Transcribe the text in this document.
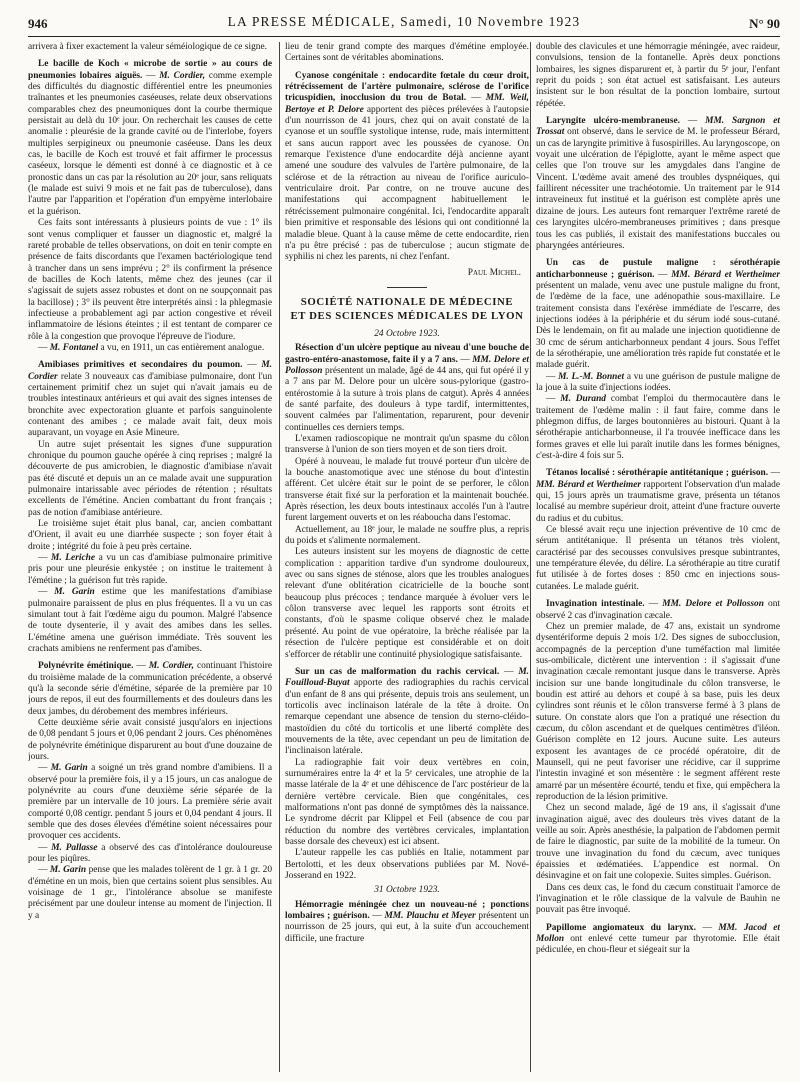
946	LA PRESSE MÉDICALE, Samedi, 10 Novembre 1923	N° 90

arrivera à fixer exactement la valeur séméiologique de ce signe.

Le bacille de Koch « microbe de sortie » au cours de pneumonies lobaires aiguës. — M. Cordier, comme exemple des difficultés du diagnostic différentiel entre les pneumonies traînantes et les pneumonies caséeuses, relate deux observations comparables chez des pneumoniques dont la courbe thermique persistait au delà du 10ᵉ jour. On recherchait les causes de cette anomalie : pleurésie de la grande cavité ou de l'interlobe, foyers multiples serpigineux ou pneumonie caséeuse. Dans les deux cas, le bacille de Koch est trouvé et fait affirmer le processus caséeux, lorsque le démenti est donné à ce diagnostic et à ce pronostic dans un cas par la résolution au 20ᵉ jour, sans reliquats (le malade est suivi 9 mois et ne fait pas de tuberculose), dans l'autre par l'apparition et l'opération d'un empyème interlobaire et la guérison.

Ces faits sont intéressants à plusieurs points de vue : 1° ils sont venus compliquer et fausser un diagnostic et, malgré la rareté probable de telles observations, on doit en tenir compte en présence de faits discordants que l'examen bactériologique tend à trancher dans un sens imprévu ; 2° ils confirment la présence de bacilles de Koch latents, même chez des jeunes (car il s'agissait de sujets assez robustes et dont on ne soupçonnait pas la bacillose) ; 3° ils peuvent être interprétés ainsi : la phlegmasie infectieuse a probablement agi par action congestive et réveil inflammatoire de lésions éteintes ; il est tentant de comparer ce rôle à la congestion que provoque l'épreuve de l'iodure.

— M. Fontanel a vu, en 1911, un cas entièrement analogue.

Amibiases primitives et secondaires du poumon. — M. Cordier relate 3 nouveaux cas d'amibiase pulmonaire, dont l'un certainement primitif chez un sujet qui n'avait jamais eu de troubles intestinaux antérieurs et qui avait des signes intenses de bronchite avec expectoration gluante et parfois sanguinolente contenant des amibes ; ce malade avait fait, deux mois auparavant, un voyage en Asie Mineure.

Un autre sujet présentait les signes d'une suppuration chronique du poumon gauche opérée à cinq reprises ; malgré la découverte de pus amicrobien, le diagnostic d'amibiase n'avait pas été discuté et depuis un an ce malade avait une suppuration pulmonaire intarissable avec périodes de rétention ; résultats excellents de l'émétine. Ancien combattant du front français ; pas de notion d'amibiase antérieure.

Le troisième sujet était plus banal, car, ancien combattant d'Orient, il avait eu une diarrhée suspecte ; son foyer était à droite ; intégrité du foie à peu près certaine.

— M. Leriche a vu un cas d'amibiase pulmonaire primitive pris pour une pleurésie enkystée ; on institue le traitement à l'émétine ; la guérison fut très rapide.

— M. Garin estime que les manifestations d'amibiase pulmonaire paraissent de plus en plus fréquentes. Il a vu un cas simulant tout à fait l'œdème aigu du poumon. Malgré l'absence de toute dysenterie, il y avait des amibes dans les selles. L'émétine amena une guérison immédiate. Très souvent les crachats amibiens ne renferment pas d'amibes.

Polynévrite émétinique. — M. Cordier, continuant l'histoire du troisième malade de la communication précédente, a observé qu'à la seconde série d'émétine, séparée de la première par 10 jours de repos, il eut des fourmillements et des douleurs dans les deux jambes, du dérobement des membres inférieurs.

Cette deuxième série avait consisté jusqu'alors en injections de 0,08 pendant 5 jours et 0,06 pendant 2 jours. Ces phénomènes de polynévrite émétinique disparurent au bout d'une douzaine de jours.

— M. Garin a soigné un très grand nombre d'amibiens. Il a observé pour la première fois, il y a 15 jours, un cas analogue de polynévrite au cours d'une deuxième série séparée de la première par un intervalle de 10 jours. La première série avait comporté 0,08 centigr. pendant 5 jours et 0,04 pendant 4 jours. Il semble que des doses élevées d'émétine soient nécessaires pour provoquer ces accidents.

— M. Pallasse a observé des cas d'intolérance douloureuse pour les piqûres.

— M. Garin pense que les malades tolèrent de 1 gr. à 1 gr. 20 d'émétine en un mois, bien que certains soient plus sensibles. Au voisinage de 1 gr., l'intolérance absolue se manifeste précisément par une douleur intense au moment de l'injection. Il y a

lieu de tenir grand compte des marques d'émétine employée. Certaines sont de véritables abominations.

Cyanose congénitale : endocardite fœtale du cœur droit, rétrécissement de l'artère pulmonaire, sclérose de l'orifice tricuspidien, inocclusion du trou de Botal. — MM. Weil, Bertoye et P. Delore apportent des pièces prélevées à l'autopsie d'un nourrisson de 41 jours, chez qui on avait constaté de la cyanose et un souffle systolique intense, rude, mais intermittent et sans aucun rapport avec les poussées de cyanose. On remarque l'existence d'une endocardite déjà ancienne ayant amené une soudure des valvules de l'artère pulmonaire, de la sclérose et de la rétraction au niveau de l'orifice auriculo-ventriculaire droit. Par contre, on ne trouve aucune des manifestations qui accompagnent habituellement le rétrécissement pulmonaire congénital. Ici, l'endocardite apparaît bien primitive et responsable des lésions qui ont conditionné la maladie bleue. Quant à la cause même de cette endocardite, rien n'a pu être précisé : pas de tuberculose ; aucun stigmate de syphilis ni chez les parents, ni chez l'enfant.

Paul Michel.

SOCIÉTÉ NATIONALE DE MÉDECINE
ET DES SCIENCES MÉDICALES DE LYON

24 Octobre 1923.

Résection d'un ulcère peptique au niveau d'une bouche de gastro-entéro-anastomose, faite il y a 7 ans. — MM. Delore et Pollosson présentent un malade, âgé de 44 ans, qui fut opéré il y a 7 ans par M. Delore pour un ulcère sous-pylorique (gastro-entérostomie à la suture à trois plans de catgut). Après 4 années de santé parfaite, des douleurs à type tardif, intermittentes, souvent calmées par l'alimentation, reparurent, pour devenir continuelles ces derniers temps.

L'examen radioscopique ne montrait qu'un spasme du côlon transverse à l'union de son tiers moyen et de son tiers droit.

Opéré à nouveau, le malade fut trouvé porteur d'un ulcère de la bouche anastomotique avec une sténose du bout d'intestin afférent. Cet ulcère était sur le point de se perforer, le côlon transverse était fixé sur la perforation et la maintenait bouchée. Après résection, les deux bouts intestinaux accolés l'un à l'autre furent largement ouverts et on les réaboucha dans l'estomac.

Actuellement, au 18ᵉ jour, le malade ne souffre plus, a repris du poids et s'alimente normalement.

Les auteurs insistent sur les moyens de diagnostic de cette complication : apparition tardive d'un syndrome douloureux, avec ou sans signes de sténose, alors que les troubles analogues relevant d'une oblitération cicatricielle de la bouche sont beaucoup plus précoces ; tendance marquée à évoluer vers le côlon transverse avec lequel les rapports sont étroits et constants, d'où le spasme colique observé chez le malade présenté. Au point de vue opératoire, la brèche réalisée par la résection de l'ulcère peptique est considérable et on doit s'efforcer de rétablir une continuité physiologique satisfaisante.

Sur un cas de malformation du rachis cervical. — M. Fouilloud-Buyat apporte des radiographies du rachis cervical d'un enfant de 8 ans qui présente, depuis trois ans seulement, un torticolis avec inclinaison latérale de la tête à droite. On remarque cependant une absence de tension du sterno-cléido-mastoïdien du côté du torticolis et une liberté complète des mouvements de la tête, avec cependant un peu de limitation de l'inclinaison latérale.

La radiographie fait voir deux vertèbres en coin, surnuméraires entre la 4ᵉ et la 5ᵉ cervicales, une atrophie de la masse latérale de la 4ᵉ et une déhiscence de l'arc postérieur de la dernière vertèbre cervicale. Bien que congénitales, ces malformations n'ont pas donné de symptômes dès la naissance. Le syndrome décrit par Klippel et Feil (absence de cou par réduction du nombre des vertèbres cervicales, implantation basse dorsale des cheveux) est ici absent.

L'auteur rappelle les cas publiés en Italie, notamment par Bertolotti, et les deux observations publiées par M. Nové-Josserand en 1922.

31 Octobre 1923.

Hémorragie méningée chez un nouveau-né ; ponctions lombaires ; guérison. — MM. Plauchu et Meyer présentent un nourrisson de 25 jours, qui eut, à la suite d'un accouchement difficile, une fracture

double des clavicules et une hémorragie méningée, avec raideur, convulsions, tension de la fontanelle. Après deux ponctions lombaires, les signes disparurent et, à partir du 5ᵉ jour, l'enfant reprit du poids ; son état actuel est satisfaisant. Les auteurs insistent sur le bon résultat de la ponction lombaire, surtout répétée.

Laryngite ulcéro-membraneuse. — MM. Sargnon et Trossat ont observé, dans le service de M. le professeur Bérard, un cas de laryngite primitive à fusospirilles. Au laryngoscope, on voyait une ulcération de l'épiglotte, ayant le même aspect que celles que l'on trouve sur les amygdales dans l'angine de Vincent. L'œdème avait amené des troubles dyspnéiques, qui faillirent nécessiter une trachéotomie. Un traitement par le 914 intraveineux fut institué et la guérison est complète après une dizaine de jours. Les auteurs font remarquer l'extrême rareté de ces laryngites ulcéro-membraneuses primitives ; dans presque tous les cas publiés, il existait des manifestations buccales ou pharyngées antérieures.

Un cas de pustule maligne : sérothérapie anticharbonneuse ; guérison. — MM. Bérard et Wertheimer présentent un malade, venu avec une pustule maligne du front, de l'œdème de la face, une adénopathie sous-maxillaire. Le traitement consista dans l'exérèse immédiate de l'escarre, des injections iodées à la périphérie et du sérum iodé sous-cutané. Dès le lendemain, on fit au malade une injection quotidienne de 30 cmc de sérum anticharbonneux pendant 4 jours. Sous l'effet de la sérothérapie, une amélioration très rapide fut constatée et le malade guérit.

— M. L.-M. Bonnet a vu une guérison de pustule maligne de la joue à la suite d'injections iodées.

— M. Durand combat l'emploi du thermocautère dans le traitement de l'œdème malin : il faut faire, comme dans le phlegmon diffus, de larges boutonnières au bistouri. Quant à la sérothérapie anticharbonneuse, il l'a trouvée inefficace dans les formes graves et elle lui paraît inutile dans les formes bénignes, c'est-à-dire 4 fois sur 5.

Tétanos localisé : sérothérapie antitétanique ; guérison. — MM. Bérard et Wertheimer rapportent l'observation d'un malade qui, 15 jours après un traumatisme grave, présenta un tétanos localisé au membre supérieur droit, atteint d'une fracture ouverte du radius et du cubitus.

Ce blessé avait reçu une injection préventive de 10 cmc de sérum antitétanique. Il présenta un tétanos très violent, caractérisé par des secousses convulsives presque subintrantes, une température élevée, du délire. La sérothérapie au titre curatif fut utilisée à de fortes doses : 850 cmc en injections sous-cutanées. Le malade guérit.

Invagination intestinale. — MM. Delore et Pollosson ont observé 2 cas d'invagination cæcale.

Chez un premier malade, de 47 ans, existait un syndrome dysentériforme depuis 2 mois 1/2. Des signes de subocclusion, accompagnés de la perception d'une tuméfaction mal limitée sus-ombilicale, dictèrent une intervention : il s'agissait d'une invagination cæcale remontant jusque dans le transverse. Après incision sur une bande longitudinale du côlon transverse, le boudin est attiré au dehors et coupé à sa base, puis les deux cylindres sont réunis et le côlon transverse fermé à 3 plans de suture. On constate alors que l'on a pratiqué une résection du cæcum, du côlon ascendant et de quelques centimètres d'iléon. Guérison complète en 12 jours. Aucune suite. Les auteurs exposent les avantages de ce procédé opératoire, dit de Maunsell, qui ne peut favoriser une récidive, car il supprime l'intestin invaginé et son mésentère : le segment afférent reste amarré par un mésentère écourté, tendu et fixe, qui empêchera la reproduction de la lésion primitive.

Chez un second malade, âgé de 19 ans, il s'agissait d'une invagination aiguë, avec des douleurs très vives datant de la veille au soir. Après anesthésie, la palpation de l'abdomen permit de faire le diagnostic, par suite de la mobilité de la tumeur. On trouve une invagination du fond du cæcum, avec tuniques épaissies et œdématiées. L'appendice est normal. On désinvagine et on fait une colopexie. Suites simples. Guérison.

Dans ces deux cas, le fond du cæcum constituait l'amorce de l'invagination et le rôle classique de la valvule de Bauhin ne pouvait pas être invoqué.

Papillome angiomateux du larynx. — MM. Jacod et Mollon ont enlevé cette tumeur par thyrotomie. Elle était pédiculée, en chou-fleur et siégeait sur la
